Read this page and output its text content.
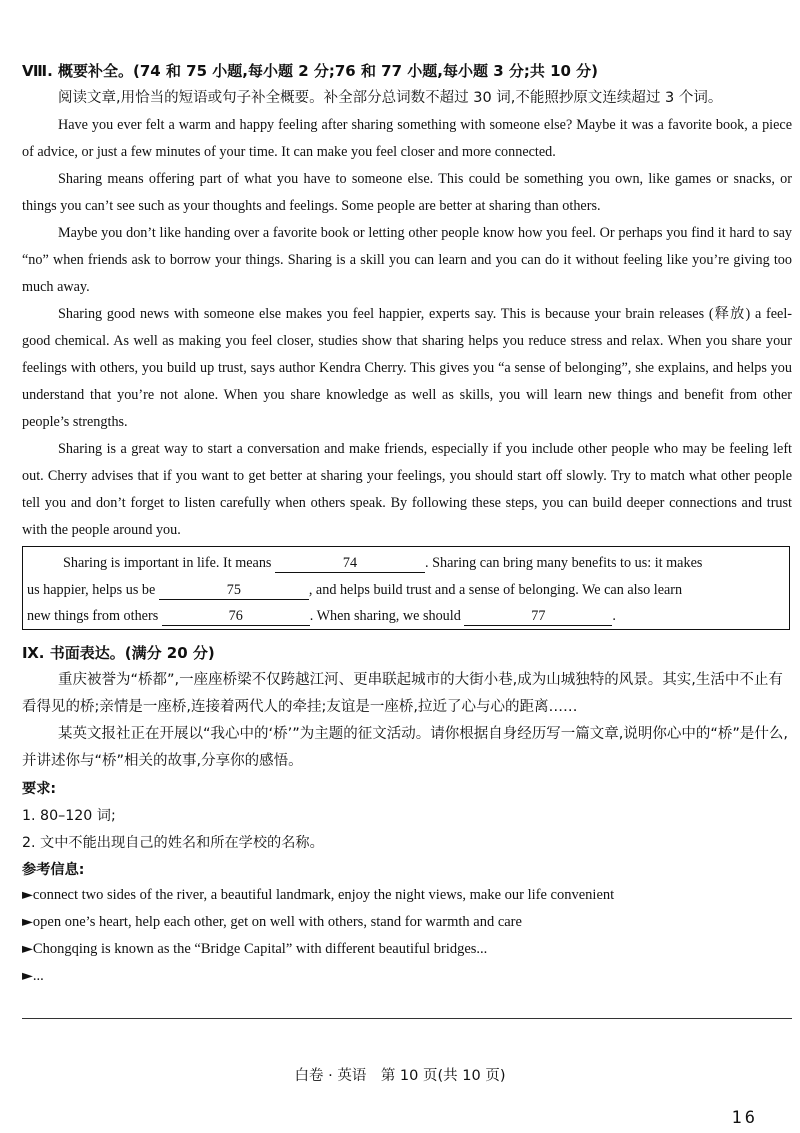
Ⅷ. 概要补全。(74 和 75 小题,每小题 2 分;76 和 77 小题,每小题 3 分;共 10 分)
阅读文章,用恰当的短语或句子补全概要。补全部分总词数不超过 30 词,不能照抄原文连续超过 3 个词。
Have you ever felt a warm and happy feeling after sharing something with someone else? Maybe it was a favorite book, a piece of advice, or just a few minutes of your time. It can make you feel closer and more connected.
Sharing means offering part of what you have to someone else. This could be something you own, like games or snacks, or things you can’t see such as your thoughts and feelings. Some people are better at sharing than others.
Maybe you don’t like handing over a favorite book or letting other people know how you feel. Or perhaps you find it hard to say “no” when friends ask to borrow your things. Sharing is a skill you can learn and you can do it without feeling like you’re giving too much away.
Sharing good news with someone else makes you feel happier, experts say. This is because your brain releases (释放) a feel-good chemical. As well as making you feel closer, studies show that sharing helps you reduce stress and relax. When you share your feelings with others, you build up trust, says author Kendra Cherry. This gives you “a sense of belonging”, she explains, and helps you understand that you’re not alone. When you share knowledge as well as skills, you will learn new things and benefit from other people’s strengths.
Sharing is a great way to start a conversation and make friends, especially if you include other people who may be feeling left out. Cherry advises that if you want to get better at sharing your feelings, you should start off slowly. Try to match what other people tell you and don’t forget to listen carefully when others speak. By following these steps, you can build deeper connections and trust with the people around you.
Sharing is important in life. It means	74	. Sharing can bring many benefits to us: it makes
us happier, helps us be	75	, and helps build trust and a sense of belonging. We can also learn
new things from others	76	. When sharing, we should	77	.
Ⅸ. 书面表达。(满分 20 分)
重庆被誉为“桥都”,一座座桥梁不仅跨越江河、更串联起城市的大街小巷,成为山城独特的风景。其实,生活中不止有看得见的桥;亲情是一座桥,连接着两代人的牵挂;友谊是一座桥,拉近了心与心的距离……
某英文报社正在开展以“我心中的‘桥’”为主题的征文活动。请你根据自身经历写一篇文章,说明你心中的“桥”是什么,并讲述你与“桥”相关的故事,分享你的感悟。
要求:
1. 80–120 词;
2. 文中不能出现自己的姓名和所在学校的名称。
参考信息:
►connect two sides of the river, a beautiful landmark, enjoy the night views, make our life convenient
►open one’s heart, help each other, get on well with others, stand for warmth and care
►Chongqing is known as the “Bridge Capital” with different beautiful bridges...
►...
白卷 · 英语　第 10 页(共 10 页)
16
